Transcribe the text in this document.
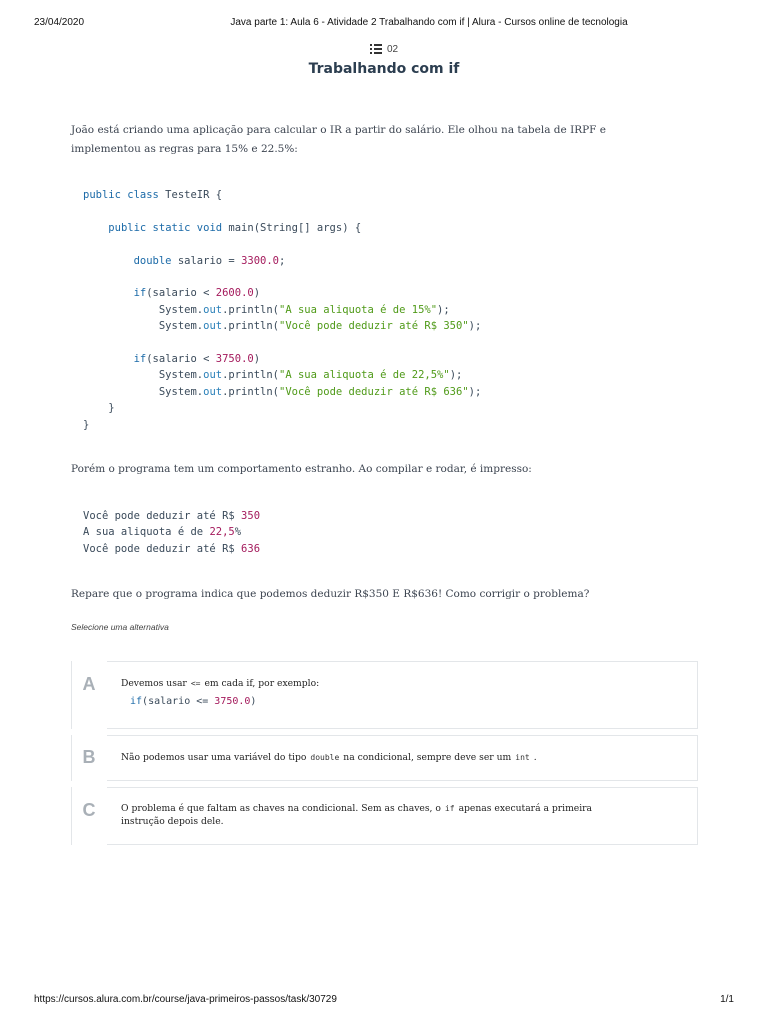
23/04/2020	Java parte 1: Aula 6 - Atividade 2 Trabalhando com if | Alura - Cursos online de tecnologia
02
Trabalhando com if
João está criando uma aplicação para calcular o IR a partir do salário. Ele olhou na tabela de IRPF e
implementou as regras para 15% e 22.5%:
public class TesteIR {

public static void main(String[] args) {

double salario = 3300.0;

if(salario < 2600.0)
System.out.println("A sua aliquota é de 15%");
System.out.println("Você pode deduzir até R$ 350");

if(salario < 3750.0)
System.out.println("A sua aliquota é de 22,5%");
System.out.println("Você pode deduzir até R$ 636");
}
}
Porém o programa tem um comportamento estranho. Ao compilar e rodar, é impresso:
Você pode deduzir até R$ 350
A sua aliquota é de 22,5%
Você pode deduzir até R$ 636
Repare que o programa indica que podemos deduzir R$350 E R$636! Como corrigir o problema?
Selecione uma alternativa
A	Devemos usar <= em cada if, por exemplo:
if(salario <= 3750.0)
B	Não podemos usar uma variável do tipo double na condicional, sempre deve ser um int .
C	O problema é que faltam as chaves na condicional. Sem as chaves, o if apenas executará a primeira
instrução depois dele.
https://cursos.alura.com.br/course/java-primeiros-passos/task/30729	1/1
